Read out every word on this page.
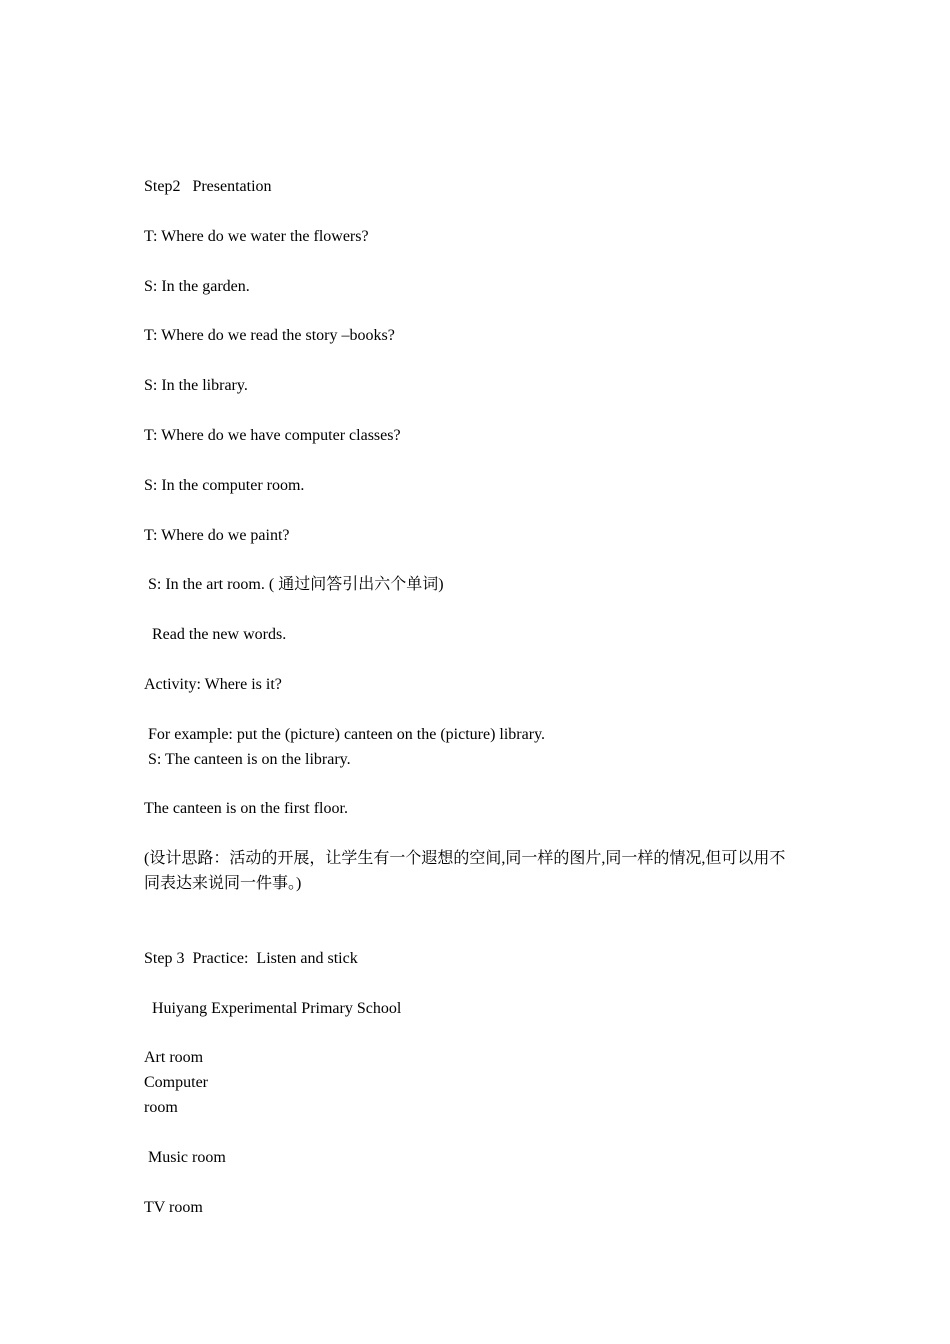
Step2   Presentation
T: Where do we water the flowers?
S: In the garden.
T: Where do we read the story –books?
S: In the library.
T: Where do we have computer classes?
S: In the computer room.
T: Where do we paint?
S: In the art room. ( 通过问答引出六个单词)
Read the new words.
Activity: Where is it?
For example: put the (picture) canteen on the (picture) library.
S: The canteen is on the library.
The canteen is on the first floor.
(设计思路：活动的开展，让学生有一个遐想的空间,同一样的图片,同一样的情况,但可以用不
同表达来说同一件事。)
Step 3  Practice:  Listen and stick
Huiyang Experimental Primary School
Art room
Computer
room
Music room
TV room
